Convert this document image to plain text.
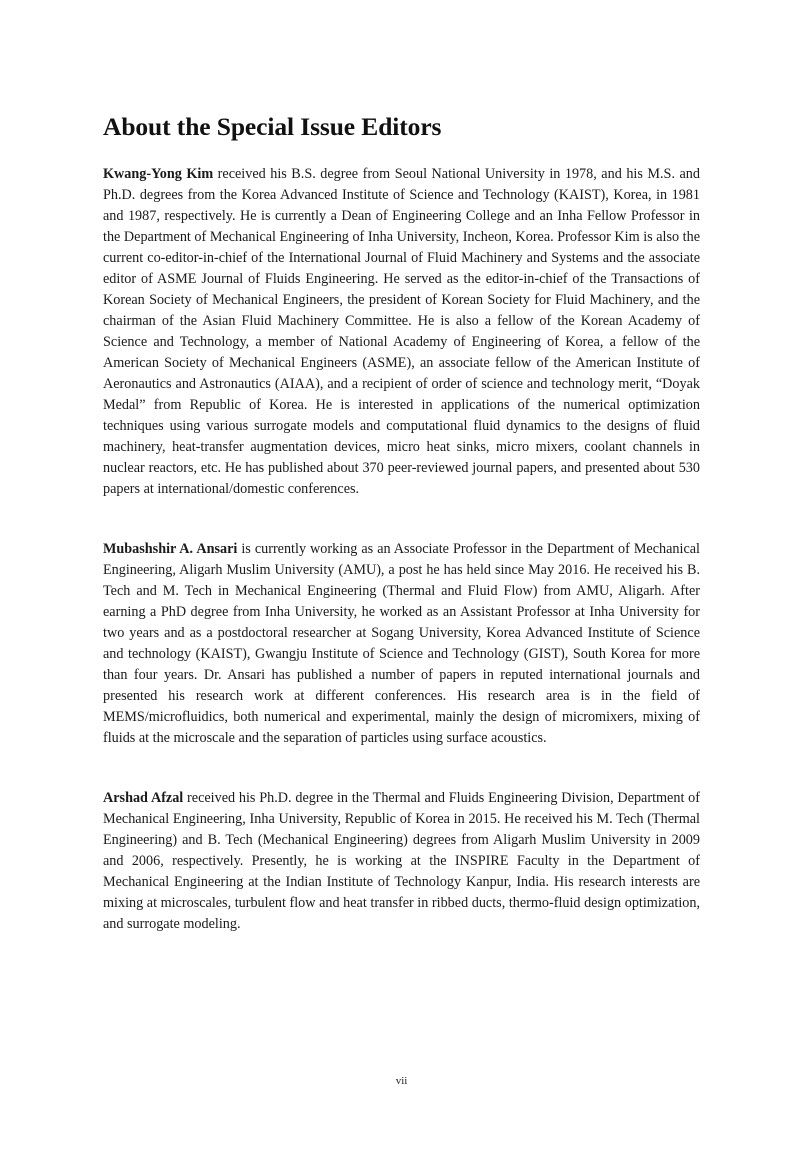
About the Special Issue Editors

Kwang-Yong Kim received his B.S. degree from Seoul National University in 1978, and his M.S. and Ph.D. degrees from the Korea Advanced Institute of Science and Technology (KAIST), Korea, in 1981 and 1987, respectively. He is currently a Dean of Engineering College and an Inha Fellow Professor in the Department of Mechanical Engineering of Inha University, Incheon, Korea. Professor Kim is also the current co-editor-in-chief of the International Journal of Fluid Machinery and Systems and the associate editor of ASME Journal of Fluids Engineering. He served as the editor-in-chief of the Transactions of Korean Society of Mechanical Engineers, the president of Korean Society for Fluid Machinery, and the chairman of the Asian Fluid Machinery Committee. He is also a fellow of the Korean Academy of Science and Technology, a member of National Academy of Engineering of Korea, a fellow of the American Society of Mechanical Engineers (ASME), an associate fellow of the American Institute of Aeronautics and Astronautics (AIAA), and a recipient of order of science and technology merit, “Doyak Medal” from Republic of Korea. He is interested in applications of the numerical optimization techniques using various surrogate models and computational fluid dynamics to the designs of fluid machinery, heat-transfer augmentation devices, micro heat sinks, micro mixers, coolant channels in nuclear reactors, etc. He has published about 370 peer-reviewed journal papers, and presented about 530 papers at international/domestic conferences.

Mubashshir A. Ansari is currently working as an Associate Professor in the Department of Mechanical Engineering, Aligarh Muslim University (AMU), a post he has held since May 2016. He received his B. Tech and M. Tech in Mechanical Engineering (Thermal and Fluid Flow) from AMU, Aligarh. After earning a PhD degree from Inha University, he worked as an Assistant Professor at Inha University for two years and as a postdoctoral researcher at Sogang University, Korea Advanced Institute of Science and technology (KAIST), Gwangju Institute of Science and Technology (GIST), South Korea for more than four years. Dr. Ansari has published a number of papers in reputed international journals and presented his research work at different conferences. His research area is in the field of MEMS/microfluidics, both numerical and experimental, mainly the design of micromixers, mixing of fluids at the microscale and the separation of particles using surface acoustics.

Arshad Afzal received his Ph.D. degree in the Thermal and Fluids Engineering Division, Department of Mechanical Engineering, Inha University, Republic of Korea in 2015. He received his M. Tech (Thermal Engineering) and B. Tech (Mechanical Engineering) degrees from Aligarh Muslim University in 2009 and 2006, respectively. Presently, he is working at the INSPIRE Faculty in the Department of Mechanical Engineering at the Indian Institute of Technology Kanpur, India. His research interests are mixing at microscales, turbulent flow and heat transfer in ribbed ducts, thermo-fluid design optimization, and surrogate modeling.

vii
